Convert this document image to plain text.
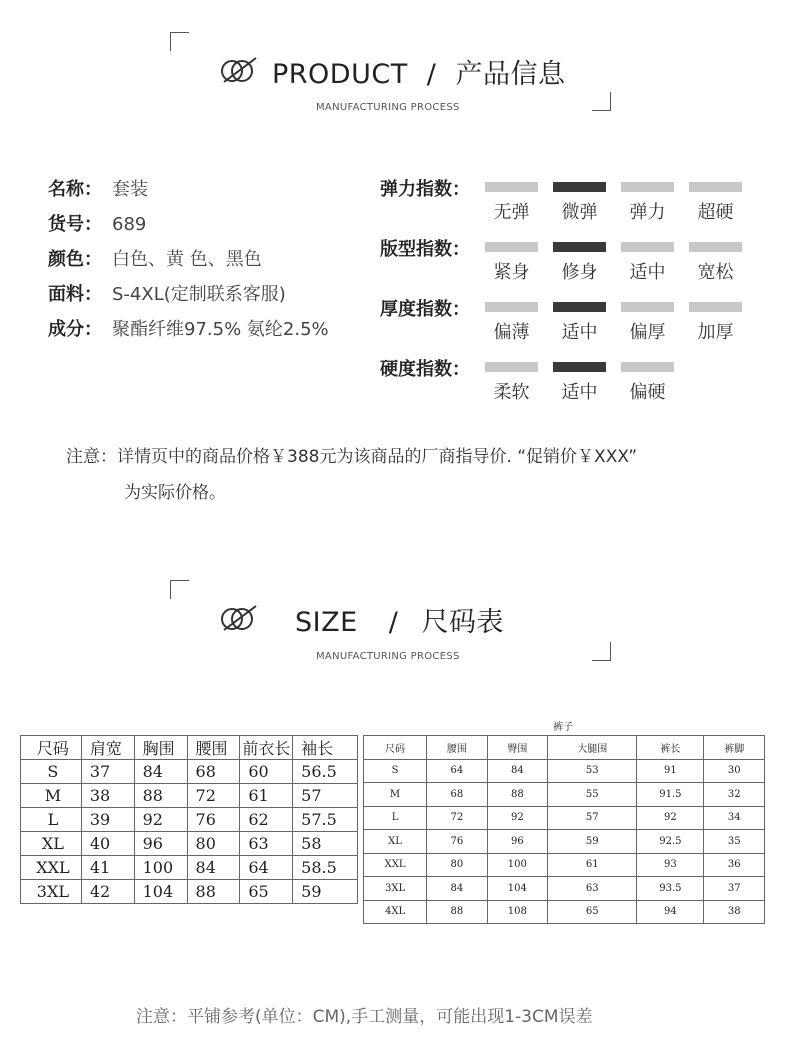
PRODUCT / 产品信息
MANUFACTURING PROCESS
名称： 套装
货号： 689
颜色： 白色、黄 色、黑色
面料： S-4XL(定制联系客服)
成分： 聚酯纤维97.5% 氨纶2.5%
弹力指数：
无弹	微弹	弹力	超硬
版型指数：
紧身	修身	适中	宽松
厚度指数：
偏薄	适中	偏厚	加厚
硬度指数：
柔软	适中	偏硬
注意：详情页中的商品价格￥388元为该商品的厂商指导价. “促销价￥XXX”
为实际价格。
SIZE / 尺码表
MANUFACTURING PROCESS
尺码	肩宽	胸围	腰围	前衣长	袖长
S	37	84	68	60	56.5
M	38	88	72	61	57
L	39	92	76	62	57.5
XL	40	96	80	63	58
XXL	41	100	84	64	58.5
3XL	42	104	88	65	59
裤子
尺码	腰围	臀围	大腿围	裤长	裤脚
S	64	84	53	91	30
M	68	88	55	91.5	32
L	72	92	57	92	34
XL	76	96	59	92.5	35
XXL	80	100	61	93	36
3XL	84	104	63	93.5	37
4XL	88	108	65	94	38
注意：平铺参考(单位：CM),手工测量，可能出现1-3CM误差
